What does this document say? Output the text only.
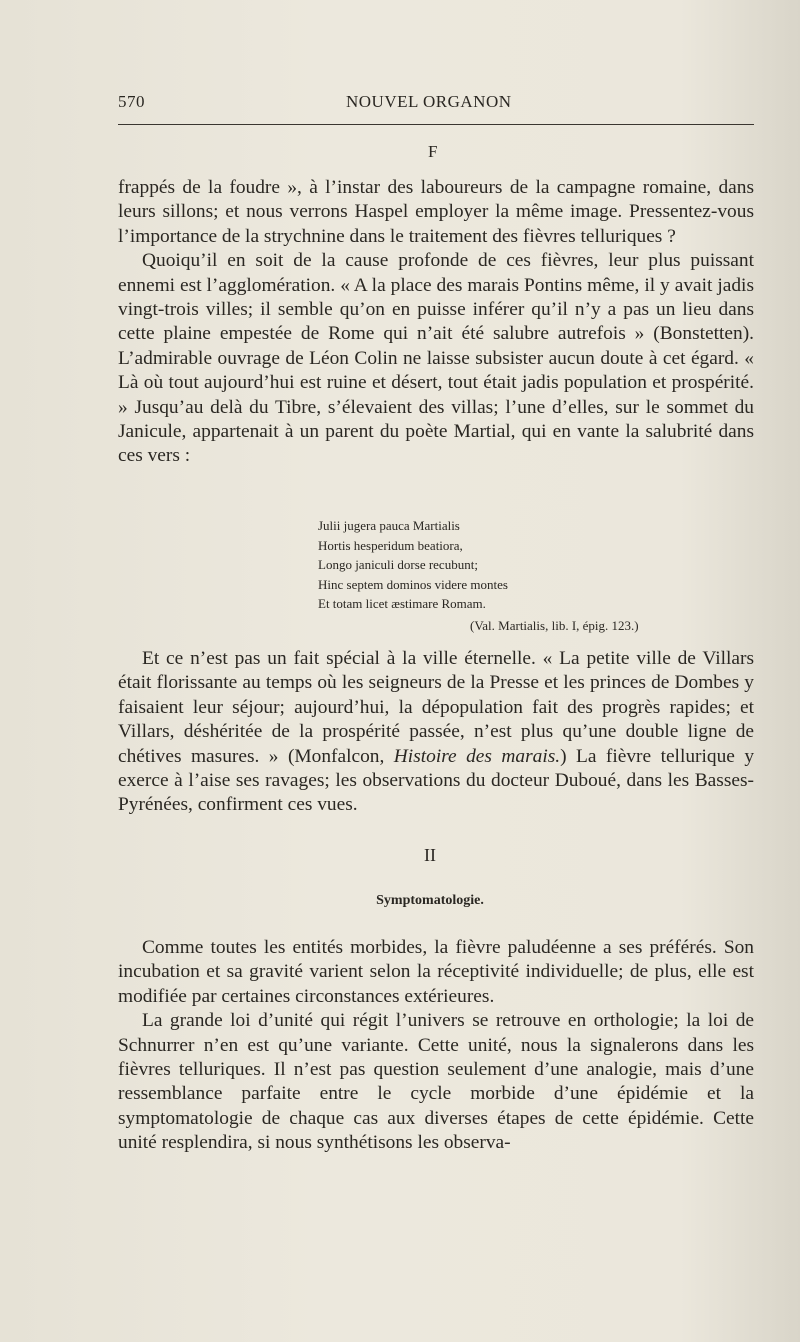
570	NOUVEL ORGANON
F

frappés de la foudre », à l’instar des laboureurs de la campagne romaine, dans leurs sillons; et nous verrons Haspel employer la même image. Pressentez-vous l’importance de la strychnine dans le traitement des fièvres telluriques ?

Quoiqu’il en soit de la cause profonde de ces fièvres, leur plus puissant ennemi est l’agglomération. « A la place des marais Pontins même, il y avait jadis vingt-trois villes; il semble qu’on en puisse inférer qu’il n’y a pas un lieu dans cette plaine empestée de Rome qui n’ait été salubre autrefois » (Bonstetten). L’admirable ouvrage de Léon Colin ne laisse subsister aucun doute à cet égard. « Là où tout aujourd’hui est ruine et désert, tout était jadis population et prospérité. » Jusqu’au delà du Tibre, s’élevaient des villas; l’une d’elles, sur le sommet du Janicule, appartenait à un parent du poète Martial, qui en vante la salubrité dans ces vers :

Julii jugera pauca Martialis
Hortis hesperidum beatiora,
Longo janiculi dorse recubunt;
Hinc septem dominos videre montes
Et totam licet æstimare Romam.
(Val. Martialis, lib. I, épig. 123.)

Et ce n’est pas un fait spécial à la ville éternelle. « La petite ville de Villars était florissante au temps où les seigneurs de la Presse et les princes de Dombes y faisaient leur séjour; aujourd’hui, la dépopulation fait des progrès rapides; et Villars, déshéritée de la prospérité passée, n’est plus qu’une double ligne de chétives masures. » (Monfalcon, Histoire des marais.) La fièvre tellurique y exerce à l’aise ses ravages; les observations du docteur Duboué, dans les Basses-Pyrénées, confirment ces vues.

II
Symptomatologie.

Comme toutes les entités morbides, la fièvre paludéenne a ses préférés. Son incubation et sa gravité varient selon la réceptivité individuelle; de plus, elle est modifiée par certaines circonstances extérieures.

La grande loi d’unité qui régit l’univers se retrouve en orthologie; la loi de Schnurrer n’en est qu’une variante. Cette unité, nous la signalerons dans les fièvres telluriques. Il n’est pas question seulement d’une analogie, mais d’une ressemblance parfaite entre le cycle morbide d’une épidémie et la symptomatologie de chaque cas aux diverses étapes de cette épidémie. Cette unité resplendira, si nous synthétisons les observa-
